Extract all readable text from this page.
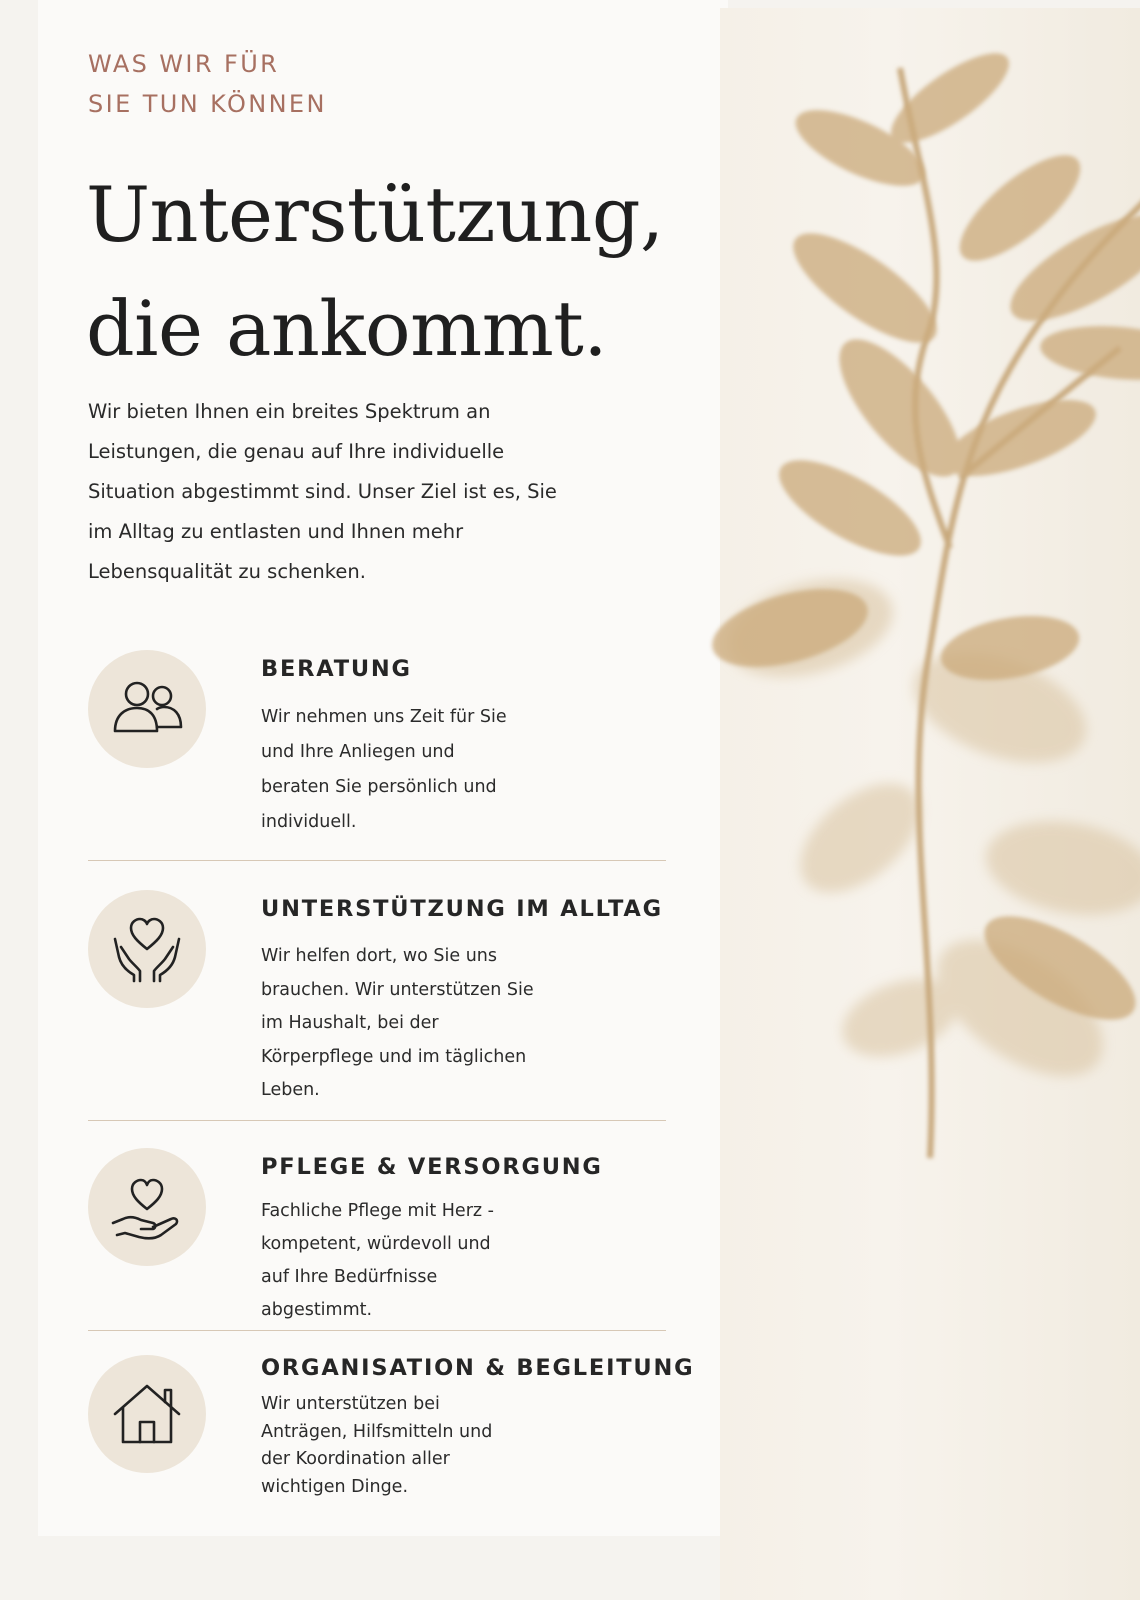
WAS WIR FÜR
SIE TUN KÖNNEN
Unterstützung,
die ankommt.
Wir bieten Ihnen ein breites Spektrum an Leistungen, die genau auf Ihre individuelle Situation abgestimmt sind. Unser Ziel ist es, Sie im Alltag zu entlasten und Ihnen mehr Lebensqualität zu schenken.
BERATUNG
Wir nehmen uns Zeit für Sie und Ihre Anliegen und beraten Sie persönlich und individuell.
UNTERSTÜTZUNG IM ALLTAG
Wir helfen dort, wo Sie uns brauchen. Wir unterstützen Sie im Haushalt, bei der Körperpflege und im täglichen Leben.
PFLEGE & VERSORGUNG
Fachliche Pflege mit Herz - kompetent, würdevoll und auf Ihre Bedürfnisse abgestimmt.
ORGANISATION & BEGLEITUNG
Wir unterstützen bei Anträgen, Hilfsmitteln und der Koordination aller wichtigen Dinge.
